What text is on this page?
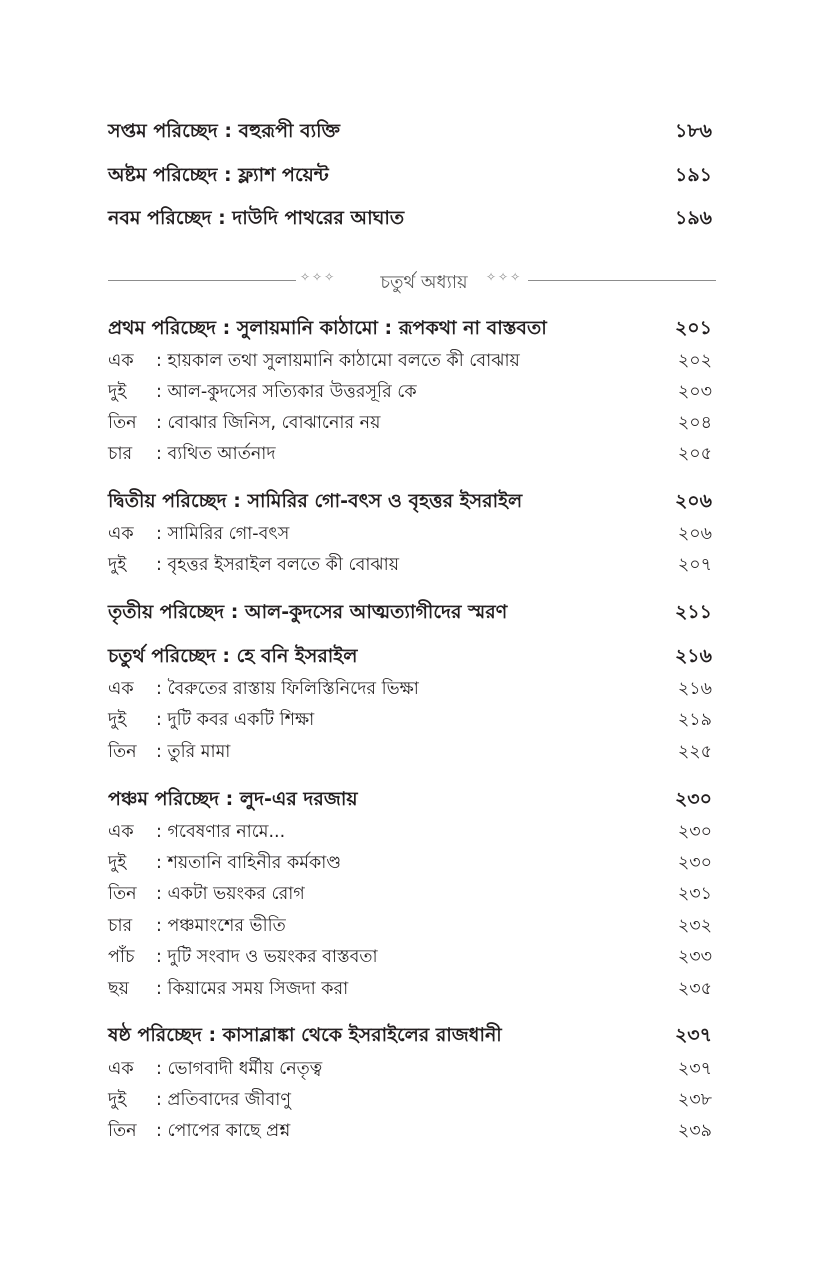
সপ্তম পরিচ্ছেদ : বহুরূপী ব্যক্তি	১৮৬
অষ্টম পরিচ্ছেদ : ফ্ল্যাশ পয়েন্ট	১৯১
নবম পরিচ্ছেদ : দাউদি পাথরের আঘাত	১৯৬
✧✧✧	চতুর্থ অধ্যায়	✧✧✧
প্রথম পরিচ্ছেদ : সুলায়মানি কাঠামো : রূপকথা না বাস্তবতা	২০১
এক	: হায়কাল তথা সুলায়মানি কাঠামো বলতে কী বোঝায়	২০২
দুই	: আল-কুদসের সত্যিকার উত্তরসূরি কে	২০৩
তিন	: বোঝার জিনিস, বোঝানোর নয়	২০৪
চার	: ব্যথিত আর্তনাদ	২০৫
দ্বিতীয় পরিচ্ছেদ : সামিরির গো-বৎস ও বৃহত্তর ইসরাইল	২০৬
এক	: সামিরির গো-বৎস	২০৬
দুই	: বৃহত্তর ইসরাইল বলতে কী বোঝায়	২০৭
তৃতীয় পরিচ্ছেদ : আল-কুদসের আত্মত্যাগীদের স্মরণ	২১১
চতুর্থ পরিচ্ছেদ : হে বনি ইসরাইল	২১৬
এক	: বৈরুতের রাস্তায় ফিলিস্তিনিদের ভিক্ষা	২১৬
দুই	: দুটি কবর একটি শিক্ষা	২১৯
তিন	: তুরি মামা	২২৫
পঞ্চম পরিচ্ছেদ : লুদ-এর দরজায়	২৩০
এক	: গবেষণার নামে...	২৩০
দুই	: শয়তানি বাহিনীর কর্মকাণ্ড	২৩০
তিন	: একটা ভয়ংকর রোগ	২৩১
চার	: পঞ্চমাংশের ভীতি	২৩২
পাঁচ	: দুটি সংবাদ ও ভয়ংকর বাস্তবতা	২৩৩
ছয়	: কিয়ামের সময় সিজদা করা	২৩৫
ষষ্ঠ পরিচ্ছেদ : কাসাব্লাঙ্কা থেকে ইসরাইলের রাজধানী	২৩৭
এক	: ভোগবাদী ধর্মীয় নেতৃত্ব	২৩৭
দুই	: প্রতিবাদের জীবাণু	২৩৮
তিন	: পোপের কাছে প্রশ্ন	২৩৯
